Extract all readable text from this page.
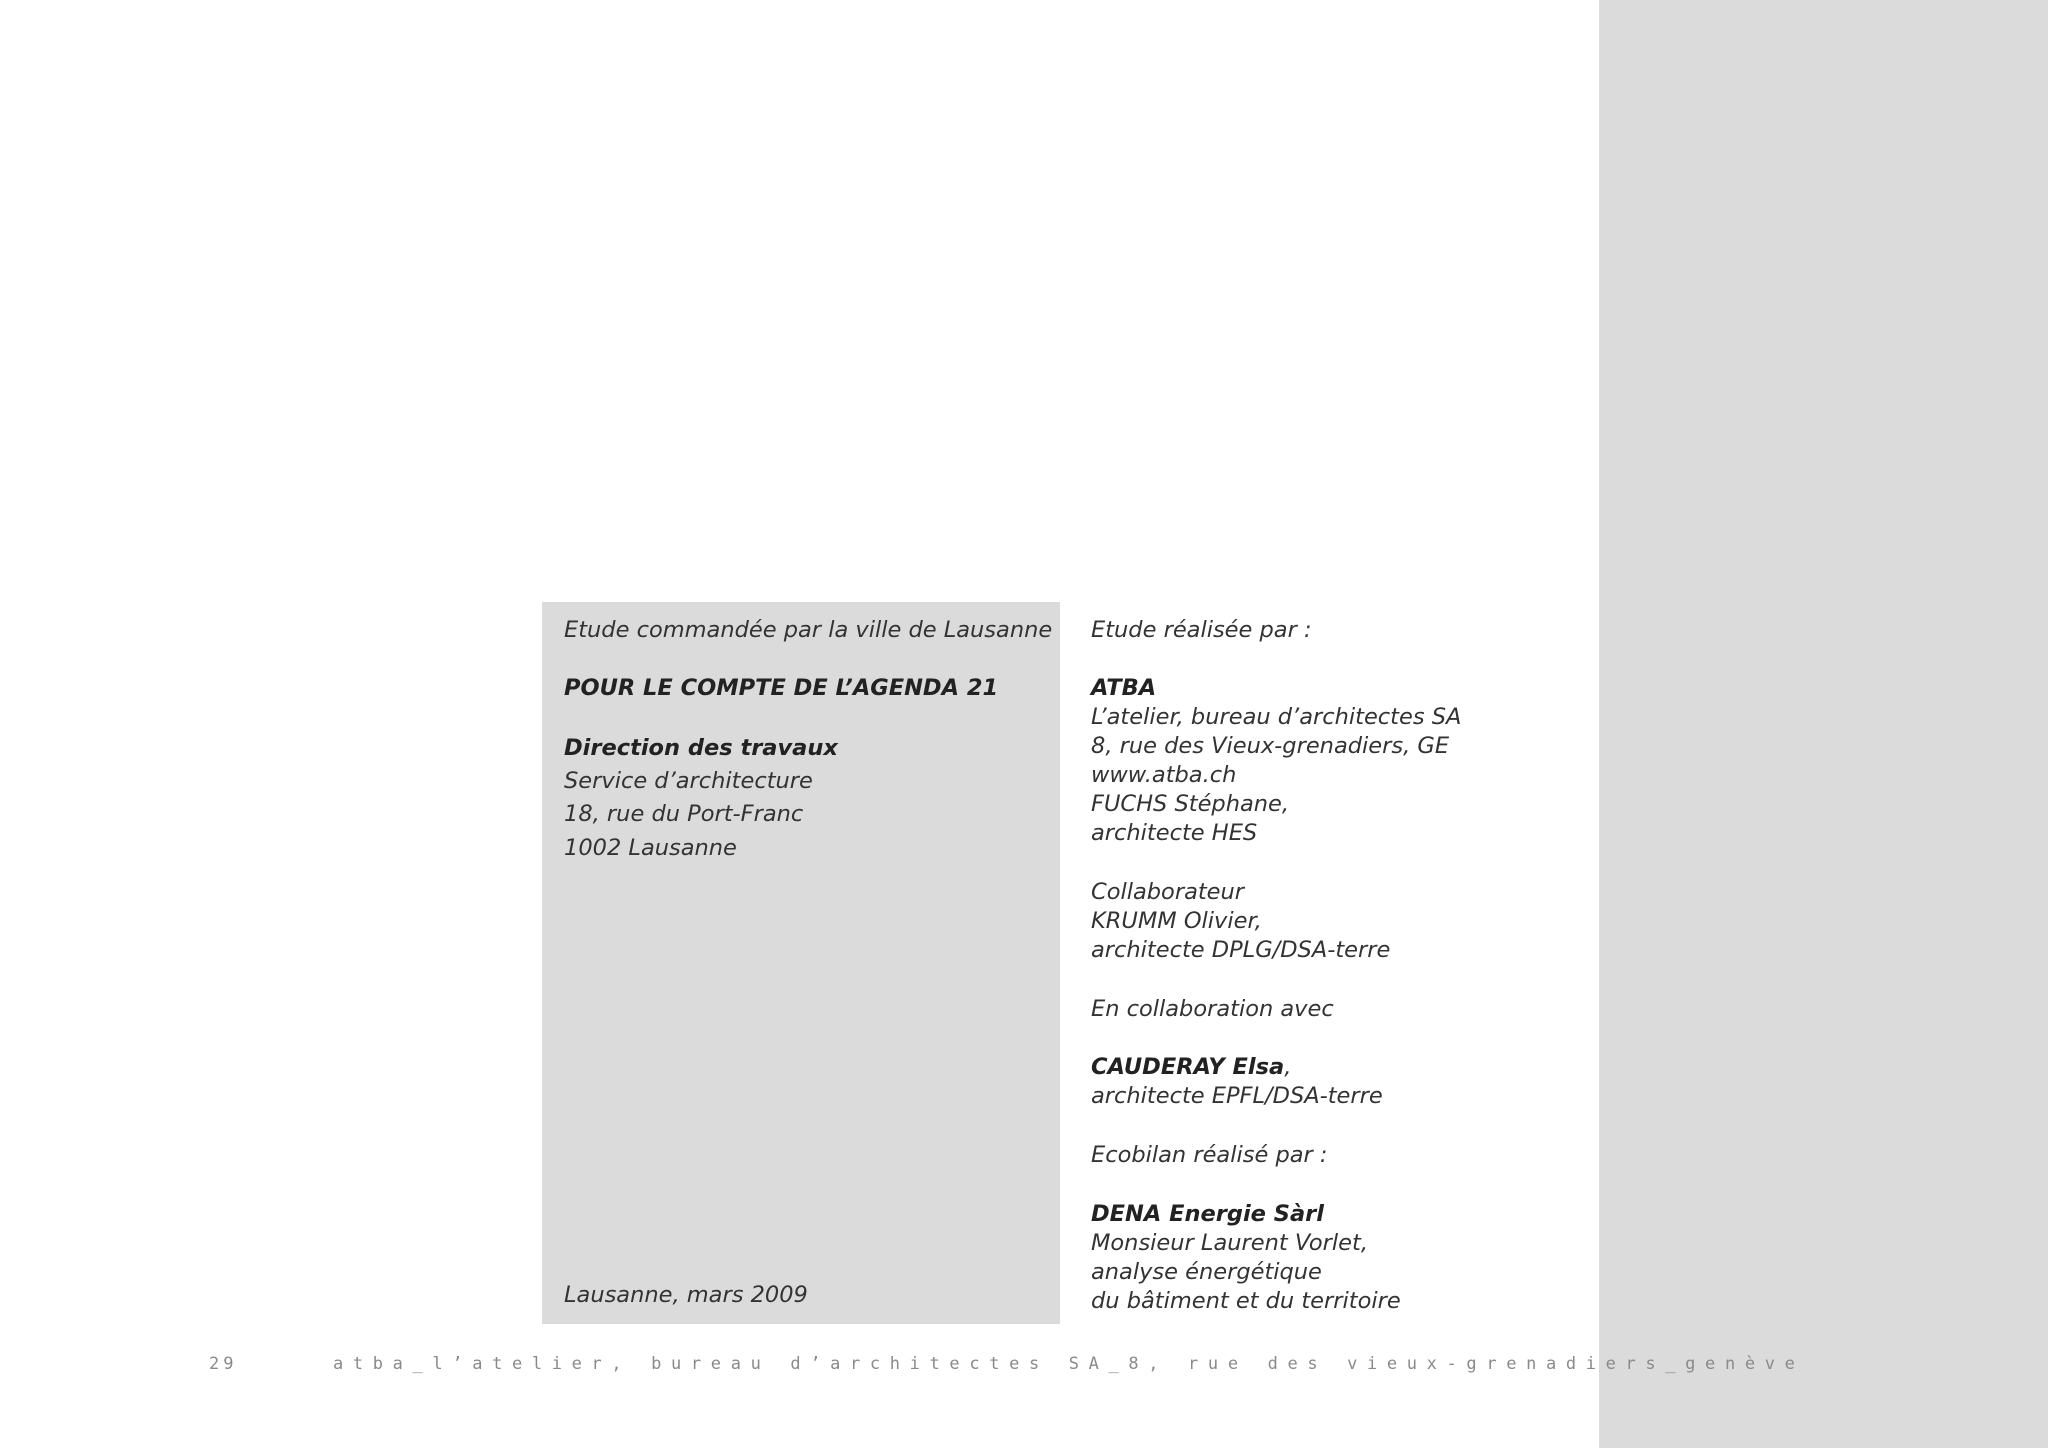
Etude commandée par la ville de Lausanne
POUR LE COMPTE DE L’AGENDA 21
Direction des travaux
Service d’architecture
18, rue du Port-Franc
1002 Lausanne
Lausanne, mars 2009
Etude réalisée par :
ATBA
L’atelier, bureau d’architectes SA
8, rue des Vieux-grenadiers, GE
www.atba.ch
FUCHS Stéphane,
architecte HES
Collaborateur
KRUMM Olivier,
architecte DPLG/DSA-terre
En collaboration avec
CAUDERAY Elsa,
architecte EPFL/DSA-terre
Ecobilan réalisé par :
DENA Energie Sàrl
Monsieur Laurent Vorlet,
analyse énergétique
du bâtiment et du territoire
29	atba_l’atelier, bureau d’architectes SA_8, rue des vieux-grenadiers_genève
